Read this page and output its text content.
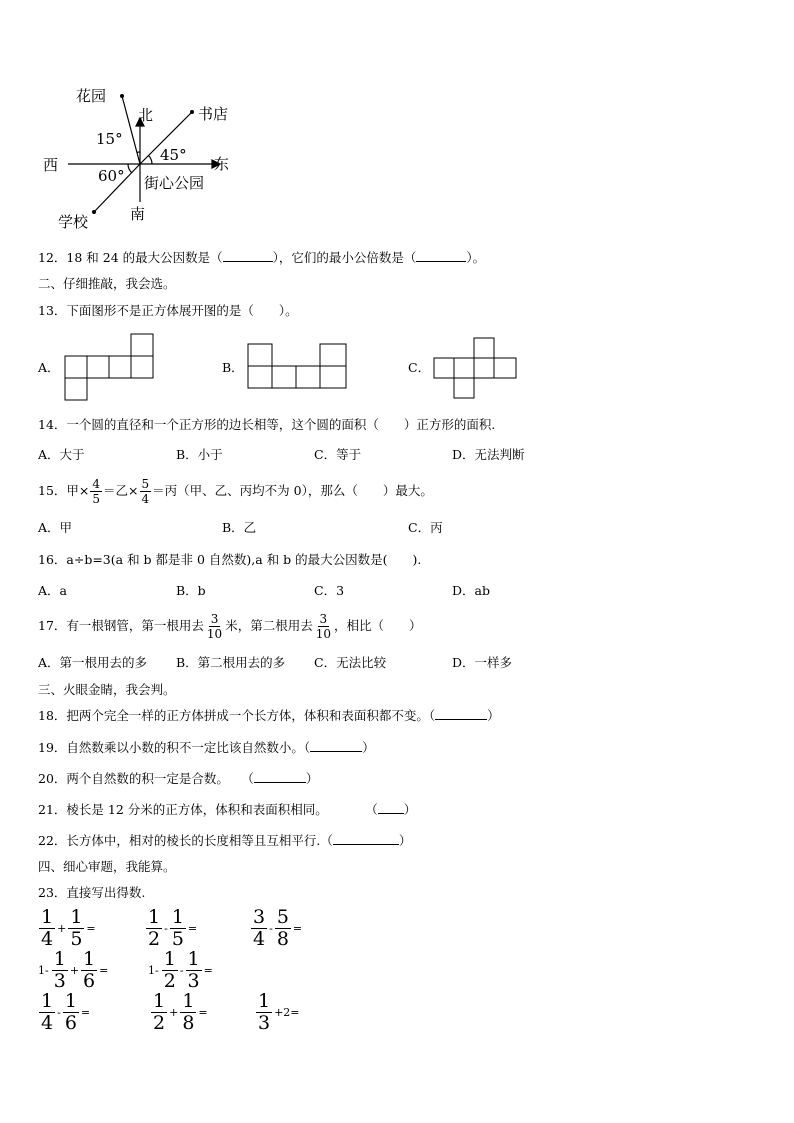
花园
北	书店
15°
45°
西	东
60° 街心公园
学校	南
12．18 和 24 的最大公因数是（	），它们的最小公倍数是（	）。
二、仔细推敲，我会选。
13．下面图形不是正方体展开图的是（　　）。
A．	B．	C．
14．一个圆的直径和一个正方形的边长相等，这个圆的面积（　　）正方形的面积.
A．大于	B．小于	C．等于	D．无法判断
15．甲× $\frac{4}{5}$ ＝乙× $\frac{5}{4}$ ＝丙（甲、乙、丙均不为 0），那么（　　）最大。
A．甲	B．乙	C．丙
16．a÷b=3(a 和 b 都是非 0 自然数),a 和 b 的最大公因数是(　　).
A．a	B．b	C．3	D．ab
17．有一根钢管，第一根用去 $\frac{3}{10}$ 米，第二根用去 $\frac{3}{10}$ ，相比（　　）
A．第一根用去的多 B．第二根用去的多 C．无法比较	D．一样多
三、火眼金睛，我会判。
18．把两个完全一样的正方体拼成一个长方体，体积和表面积都不变。（	）
19．自然数乘以小数的积不一定比该自然数小。（	）
20．两个自然数的积一定是合数。　　（	）
21．棱长是 12 分米的正方体，体积和表面积相同。　　　　（ ）
22．长方体中，相对的棱长的长度相等且互相平行.（	）
四、细心审题，我能算。
23．直接写出得数.
$\frac{1}{4} + \frac{1}{5}$ =	$\frac{1}{2} - \frac{1}{5}$ =	$\frac{3}{4} - \frac{5}{8}$ =
$1- \frac{1}{3} + \frac{1}{6}$ =	$1- \frac{1}{2} - \frac{1}{3}$ =
$\frac{1}{4} - \frac{1}{6}$ =	$\frac{1}{2} + \frac{1}{8}$ =	$\frac{1}{3} +2=$
